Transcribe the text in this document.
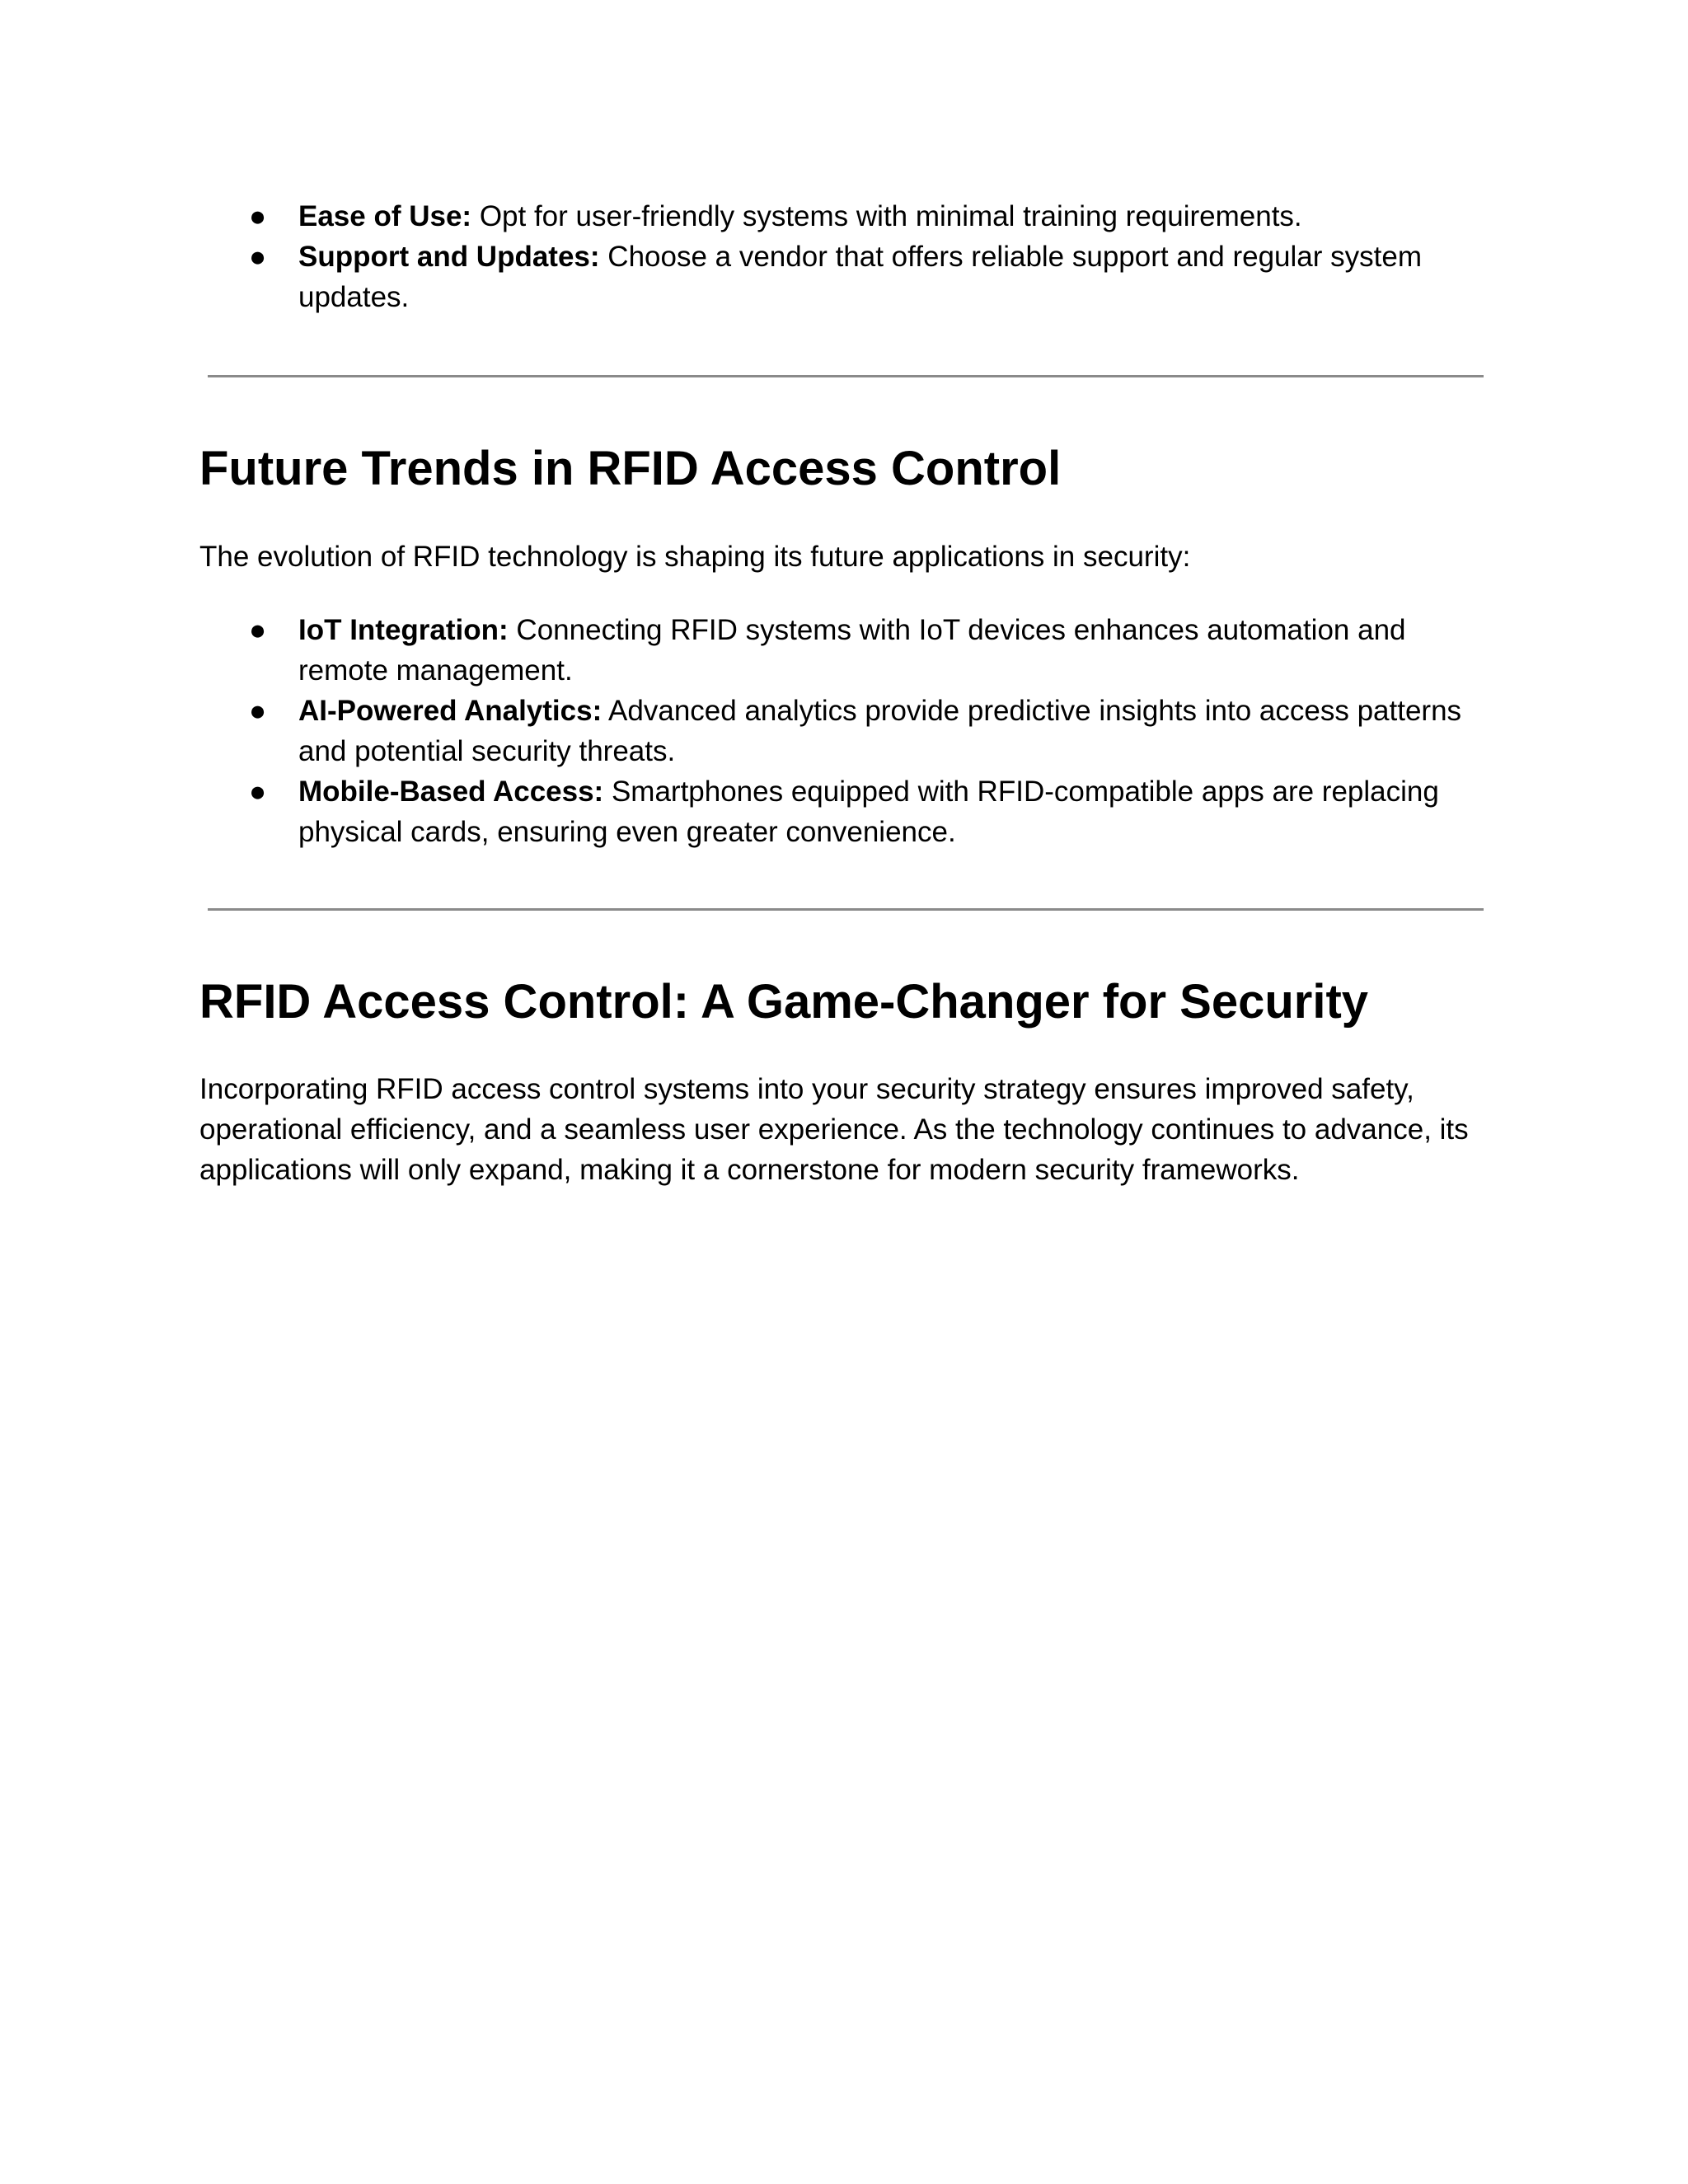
●	Ease of Use: Opt for user-friendly systems with minimal training requirements.
●	Support and Updates: Choose a vendor that offers reliable support and regular system updates.
Future Trends in RFID Access Control

The evolution of RFID technology is shaping its future applications in security:

●	IoT Integration: Connecting RFID systems with IoT devices enhances automation and remote management.
●	AI-Powered Analytics: Advanced analytics provide predictive insights into access patterns and potential security threats.
●	Mobile-Based Access: Smartphones equipped with RFID-compatible apps are replacing physical cards, ensuring even greater convenience.
RFID Access Control: A Game-Changer for Security

Incorporating RFID access control systems into your security strategy ensures improved safety, operational efficiency, and a seamless user experience. As the technology continues to advance, its applications will only expand, making it a cornerstone for modern security frameworks.
